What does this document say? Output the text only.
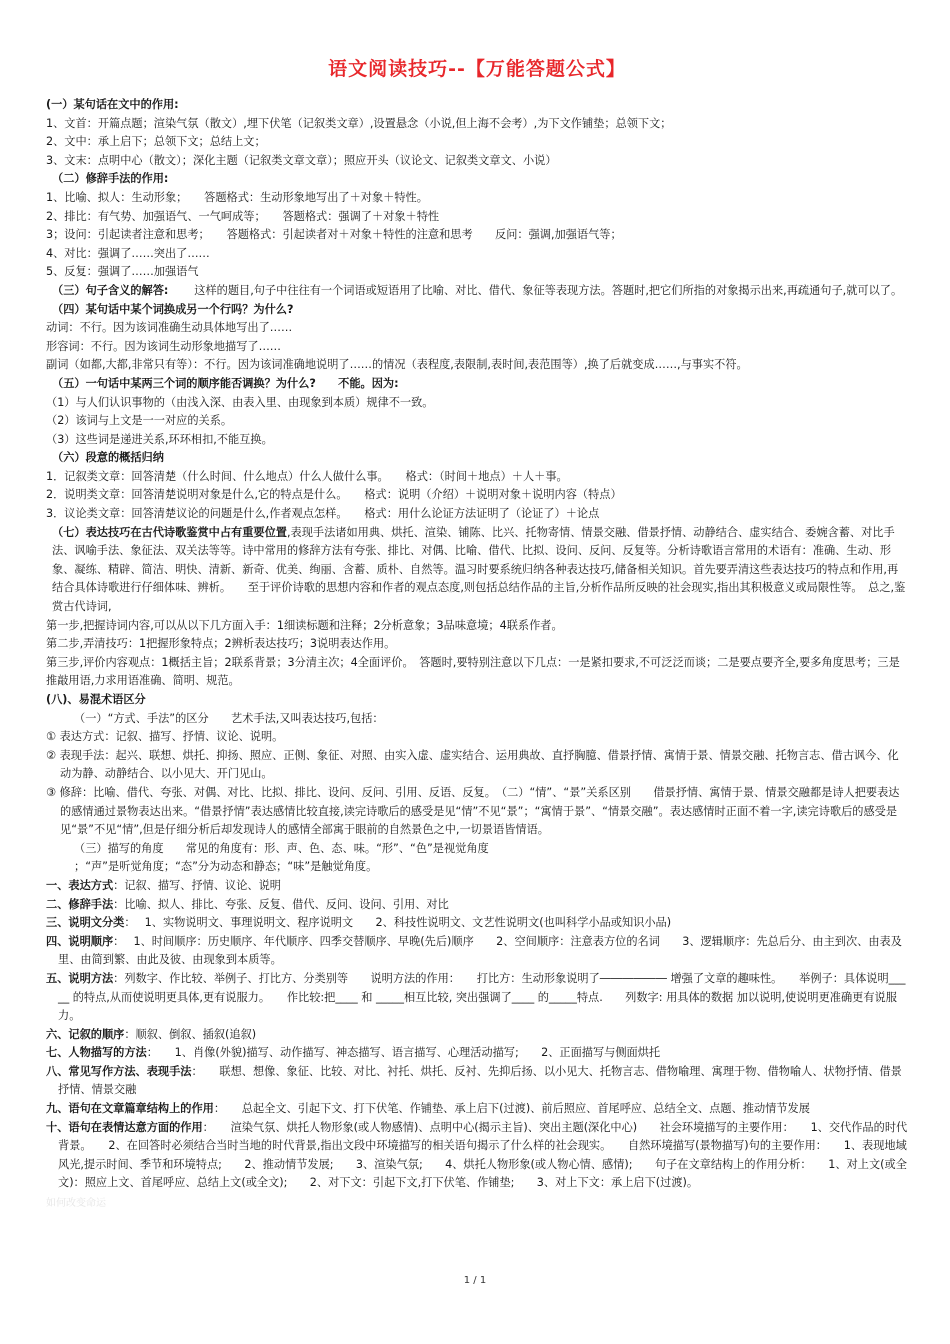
语文阅读技巧--【万能答题公式】

(一）某句话在文中的作用:

1、文首：开篇点题；渲染气氛（散文）,埋下伏笔（记叙类文章）,设置悬念（小说,但上海不会考）,为下文作铺垫；总领下文；

2、文中：承上启下；总领下文；总结上文；

3、文末：点明中心（散文）；深化主题（记叙类文章文章）；照应开头（议论文、记叙类文章文、小说）

（二）修辞手法的作用:

1、比喻、拟人：生动形象；　　答题格式：生动形象地写出了＋对象＋特性。

2、排比：有气势、加强语气、一气呵成等；　　答题格式：强调了＋对象＋特性

3；设问：引起读者注意和思考；　　答题格式：引起读者对＋对象＋特性的注意和思考　　反问：强调,加强语气等；

4、对比：强调了……突出了……

5、反复：强调了……加强语气

（三）句子含义的解答:　　 这样的题目,句子中往往有一个词语或短语用了比喻、对比、借代、象征等表现方法。答题时,把它们所指的对象揭示出来,再疏通句子,就可以了。

（四）某句话中某个词换成另一个行吗？为什么?

动词：不行。因为该词准确生动具体地写出了……

形容词：不行。因为该词生动形象地描写了……

副词（如都,大都,非常只有等）：不行。因为该词准确地说明了……的情况（表程度,表限制,表时间,表范围等）,换了后就变成……,与事实不符。

（五）一句话中某两三个词的顺序能否调换？为什么?　　不能。因为:

（1）与人们认识事物的（由浅入深、由表入里、由现象到本质）规律不一致。

（2）该词与上文是一一对应的关系。

（3）这些词是递进关系,环环相扣,不能互换。

（六）段意的概括归纳

1．记叙类文章：回答清楚（什么时间、什么地点）什么人做什么事。　　格式：（时间＋地点）＋人＋事。

2．说明类文章：回答清楚说明对象是什么,它的特点是什么。　　格式：说明（介绍）＋说明对象＋说明内容（特点）

3．议论类文章：回答清楚议论的问题是什么,作者观点怎样。　　格式：用什么论证方法证明了（论证了）＋论点

（七）表达技巧在古代诗歌鉴赏中占有重要位置,表现手法诸如用典、烘托、渲染、铺陈、比兴、托物寄情、情景交融、借景抒情、动静结合、虚实结合、委婉含蓄、对比手法、讽喻手法、象征法、双关法等等。诗中常用的修辞方法有夸张、排比、对偶、比喻、借代、比拟、设问、反问、反复等。分析诗歌语言常用的术语有：准确、生动、形象、凝练、精辟、简洁、明快、清新、新奇、优美、绚丽、含蓄、质朴、自然等。温习时要系统归纳各种表达技巧,储备相关知识。首先要弄清这些表达技巧的特点和作用,再结合具体诗歌进行仔细体味、辨析。　　至于评价诗歌的思想内容和作者的观点态度,则包括总结作品的主旨,分析作品所反映的社会现实,指出其积极意义或局限性等。　总之,鉴赏古代诗词,

第一步,把握诗词内容,可以从以下几方面入手：1细读标题和注释；2分析意象；3品味意境；4联系作者。

第二步,弄清技巧：1把握形象特点；2辨析表达技巧；3说明表达作用。

第三步,评价内容观点：1概括主旨；2联系背景；3分清主次；4全面评价。　答题时,要特别注意以下几点：一是紧扣要求,不可泛泛而谈；二是要点要齐全,要多角度思考；三是推敲用语,力求用语准确、简明、规范。

(八)、易混术语区分

（一）“方式、手法”的区分　　艺术手法,又叫表达技巧,包括：

① 表达方式：记叙、描写、抒情、议论、说明。

② 表现手法：起兴、联想、烘托、抑扬、照应、正侧、象征、对照、由实入虚、虚实结合、运用典故、直抒胸臆、借景抒情、寓情于景、情景交融、托物言志、借古讽今、化动为静、动静结合、以小见大、开门见山。

③ 修辞：比喻、借代、夸张、对偶、对比、比拟、排比、设问、反问、引用、反语、反复。　（二）“情”、“景”关系区别　　借景抒情、寓情于景、情景交融都是诗人把要表达的感情通过景物表达出来。“借景抒情”表达感情比较直接,读完诗歌后的感受是见“情”不见“景”；“寓情于景”、“情景交融”。表达感情时正面不着一字,读完诗歌后的感受是见“景”不见“情”,但是仔细分析后却发现诗人的感情全部寓于眼前的自然景色之中,一切景语皆情语。

（三）描写的角度　　常见的角度有：形、声、色、态、味。“形”、“色”是视觉角度

；“声”是听觉角度；“态”分为动态和静态；“味”是触觉角度。

一、表达方式：记叙、描写、抒情、议论、说明

二、修辞手法：比喻、拟人、排比、夸张、反复、借代、反问、设问、引用、对比

三、说明文分类：　 1、实物说明文、事理说明文、程序说明文　　2、科技性说明文、文艺性说明文(也叫科学小品或知识小品)

四、说明顺序：　 1、时间顺序：历史顺序、年代顺序、四季交替顺序、早晚(先后)顺序　　2、空间顺序：注意表方位的名词　　3、逻辑顺序：先总后分、由主到次、由表及里、由简到繁、由此及彼、由现象到本质等。

五、说明方法：列数字、作比较、举例子、打比方、分类别等　　说明方法的作用：　　打比方：生动形象说明了―――――― 增强了文章的趣味性。　　举例子：具体说明_____ 的特点,从而使说明更具体,更有说服力。　　作比较:把____ 和 _____相互比较, 突出强调了____ 的_____特点.　　列数字: 用具体的数据 加以说明,使说明更准确更有说服力。

六、记叙的顺序：顺叙、倒叙、插叙(追叙)

七、人物描写的方法：　　1、肖像(外貌)描写、动作描写、神态描写、语言描写、心理活动描写;　　2、正面描写与侧面烘托

八、常见写作方法、表现手法：　　联想、想像、象征、比较、对比、衬托、烘托、反衬、先抑后扬、以小见大、托物言志、借物喻理、寓理于物、借物喻人、状物抒情、借景抒情、情景交融

九、语句在文章篇章结构上的作用：　　总起全文、引起下文、打下伏笔、作铺垫、承上启下(过渡)、前后照应、首尾呼应、总结全文、点题、推动情节发展

十、语句在表情达意方面的作用：　　渲染气氛、烘托人物形象(或人物感情)、点明中心(揭示主旨)、突出主题(深化中心)　　社会环境描写的主要作用：　　1、交代作品的时代背景。　　2、在回答时必须结合当时当地的时代背景,指出文段中环境描写的相关语句揭示了什么样的社会现实。　　自然环境描写(景物描写)句的主要作用：　　1、表现地域风光,提示时间、季节和环境特点;　　2、推动情节发展;　　3、渲染气氛;　　4、烘托人物形象(或人物心情、感情);　　句子在文章结构上的作用分析：　　1、对上文(或全文)：照应上文、首尾呼应、总结上文(或全文);　　2、对下文：引起下文,打下伏笔、作铺垫;　　3、对上下文：承上启下(过渡)。

如何改变命运
1 / 1
